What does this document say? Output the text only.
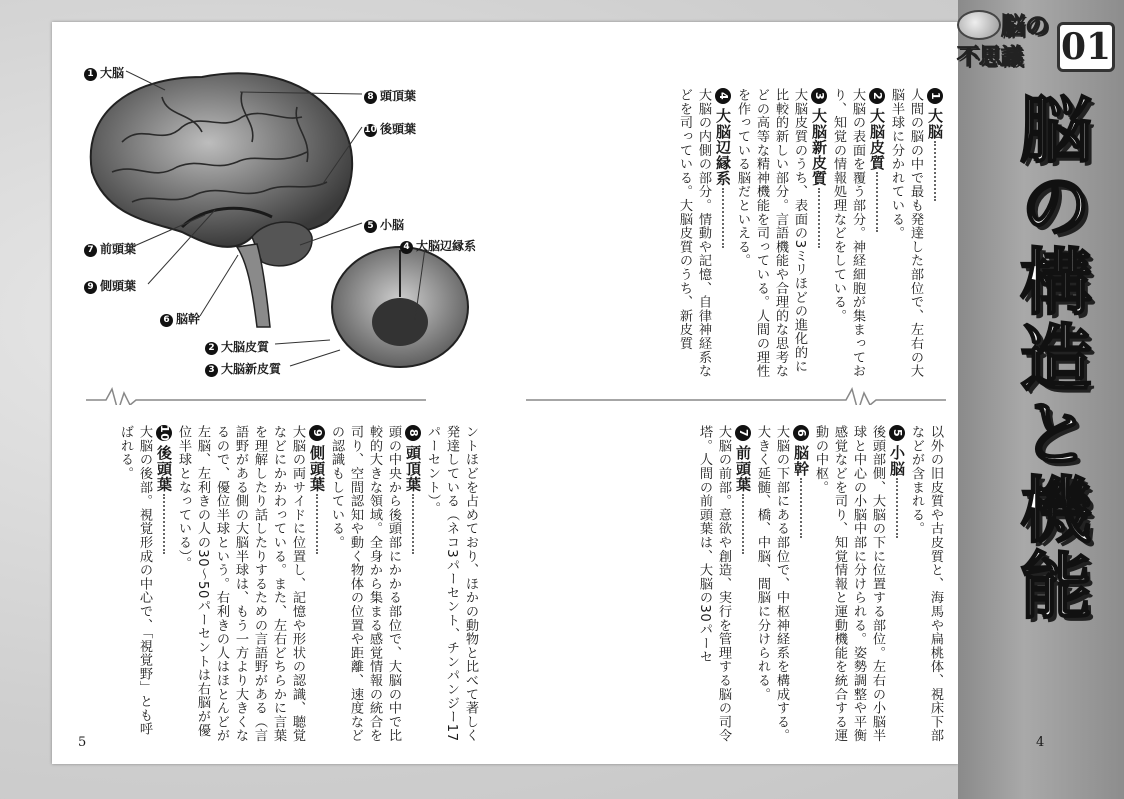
脳の
不思議 01
脳の構造と機能
1 大脳
8 頭頂葉
10 後頭葉
5 小脳
4 大脳辺縁系
7 前頭葉
9 側頭葉
6 脳幹
2 大脳皮質
3 大脳新皮質
1大脳
人間の脳の中で最も発達した部位で、左右の大脳半球に分かれている。
2大脳皮質
大脳の表面を覆う部分。神経細胞が集まっており、知覚の情報処理などをしている。
3大脳新皮質
大脳皮質のうち、表面の3ミリほどの進化的に比較的新しい部分。言語機能や合理的な思考などの高等な精神機能を司っている。人間の理性を作っている脳だといえる。
4大脳辺縁系
大脳の内側の部分。情動や記憶、自律神経系などを司っている。大脳皮質のうち、新皮質
以外の旧皮質や古皮質と、海馬や扁桃体、視床下部などが含まれる。
5小脳
後頭部側、大脳の下に位置する部位。左右の小脳半球と中心の小脳中部に分けられる。姿勢調整や平衡感覚などを司り、知覚情報と運動機能を統合する運動の中枢。
6脳幹
大脳の下部にある部位で、中枢神経系を構成する。大きく延髄、橋、中脳、間脳に分けられる。
7前頭葉
大脳の前部。意欲や創造、実行を管理する脳の司令塔。人間の前頭葉は、大脳の30パーセ
ントほどを占めており、ほかの動物と比べて著しく発達している（ネコ3パーセント、チンパンジー17パーセント）。
8頭頂葉
頭の中央から後頭部にかかる部位で、大脳の中で比較的大きな領域。全身から集まる感覚情報の統合を司り、空間認知や動く物体の位置や距離、速度などの認識もしている。
9側頭葉
大脳の両サイドに位置し、記憶や形状の認識、聴覚などにかかわっている。また、左右どちらかに言葉を理解したり話したりするための言語野がある（言語野がある側の大脳半球は、もう一方より大きくなるので、優位半球という。右利きの人はほとんどが左脳、左利きの人の30〜50パーセントは右脳が優位半球となっている）。
10後頭葉
大脳の後部。視覚形成の中心で、「視覚野」とも呼ばれる。
5	4
